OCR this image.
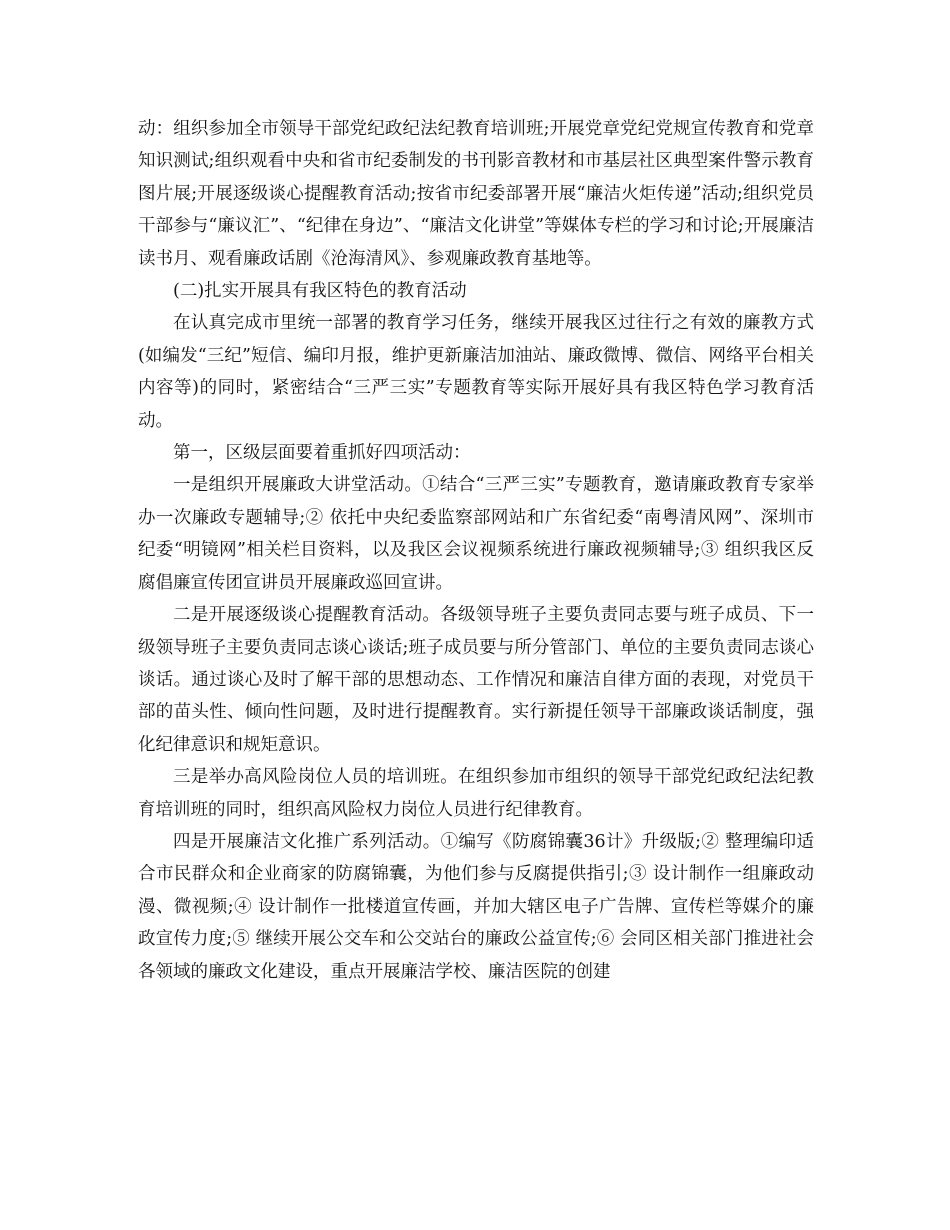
动：组织参加全市领导干部党纪政纪法纪教育培训班;开展党章党纪党规宣传教育和党章知识测试;组织观看中央和省市纪委制发的书刊影音教材和市基层社区典型案件警示教育图片展;开展逐级谈心提醒教育活动;按省市纪委部署开展“廉洁火炬传递”活动;组织党员干部参与“廉议汇”、“纪律在身边”、“廉洁文化讲堂”等媒体专栏的学习和讨论;开展廉洁读书月、观看廉政话剧《沧海清风》、参观廉政教育基地等。

(二)扎实开展具有我区特色的教育活动

在认真完成市里统一部署的教育学习任务，继续开展我区过往行之有效的廉教方式(如编发“三纪”短信、编印月报，维护更新廉洁加油站、廉政微博、微信、网络平台相关内容等)的同时，紧密结合“三严三实”专题教育等实际开展好具有我区特色学习教育活动。

第一，区级层面要着重抓好四项活动：

一是组织开展廉政大讲堂活动。①结合“三严三实”专题教育，邀请廉政教育专家举办一次廉政专题辅导;② 依托中央纪委监察部网站和广东省纪委“南粤清风网”、深圳市纪委“明镜网”相关栏目资料，以及我区会议视频系统进行廉政视频辅导;③ 组织我区反腐倡廉宣传团宣讲员开展廉政巡回宣讲。

二是开展逐级谈心提醒教育活动。各级领导班子主要负责同志要与班子成员、下一级领导班子主要负责同志谈心谈话;班子成员要与所分管部门、单位的主要负责同志谈心谈话。通过谈心及时了解干部的思想动态、工作情况和廉洁自律方面的表现，对党员干部的苗头性、倾向性问题，及时进行提醒教育。实行新提任领导干部廉政谈话制度，强化纪律意识和规矩意识。

三是举办高风险岗位人员的培训班。在组织参加市组织的领导干部党纪政纪法纪教育培训班的同时，组织高风险权力岗位人员进行纪律教育。

四是开展廉洁文化推广系列活动。①编写《防腐锦囊36计》升级版;② 整理编印适合市民群众和企业商家的防腐锦囊，为他们参与反腐提供指引;③ 设计制作一组廉政动漫、微视频;④ 设计制作一批楼道宣传画，并加大辖区电子广告牌、宣传栏等媒介的廉政宣传力度;⑤ 继续开展公交车和公交站台的廉政公益宣传;⑥ 会同区相关部门推进社会各领域的廉政文化建设，重点开展廉洁学校、廉洁医院的创建
